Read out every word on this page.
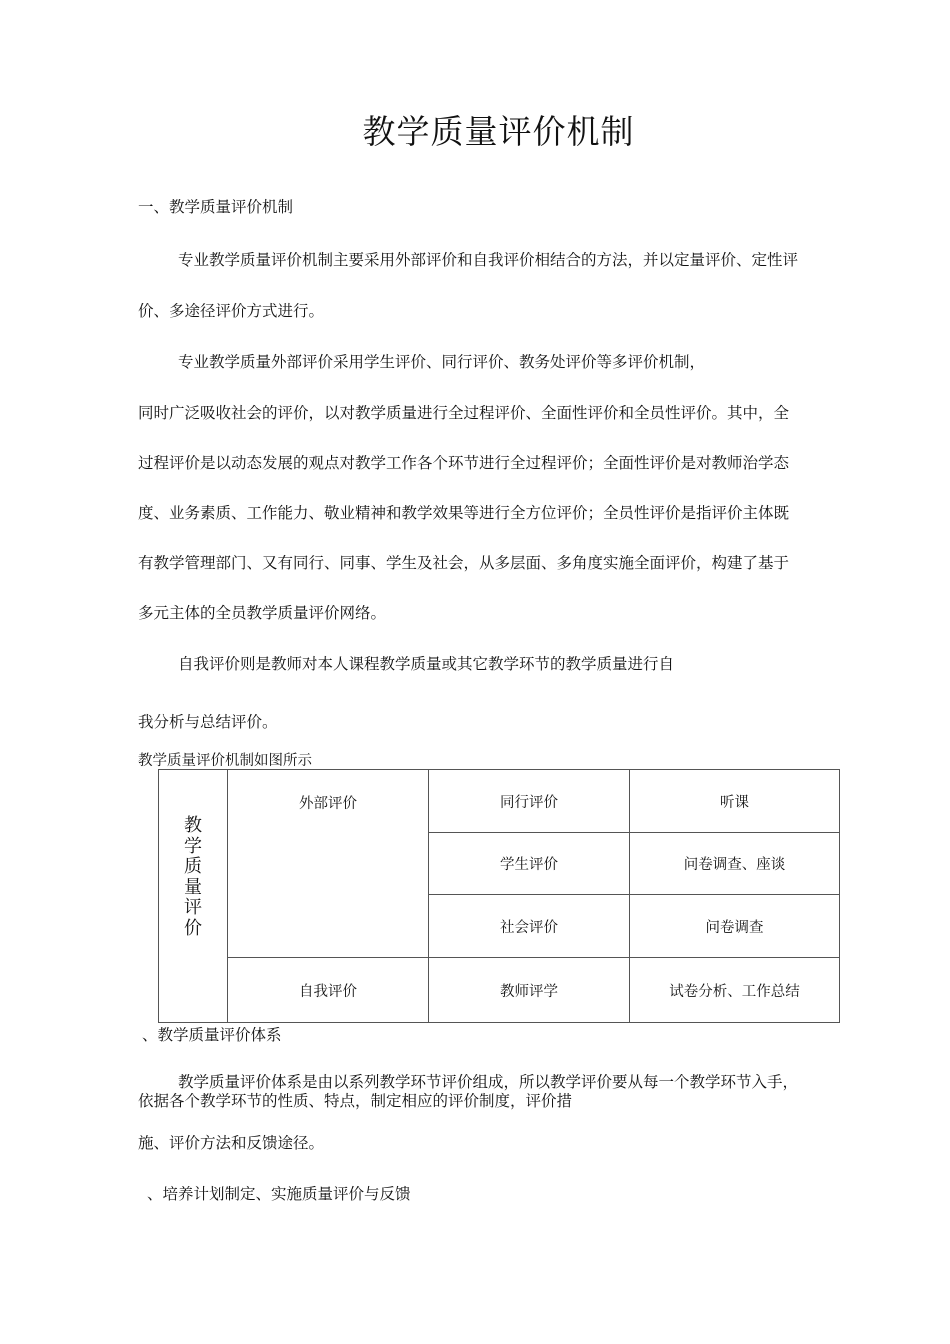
教学质量评价机制
一、教学质量评价机制
专业教学质量评价机制主要采用外部评价和自我评价相结合的方法，并以定量评价、定性评
价、多途径评价方式进行。
专业教学质量外部评价采用学生评价、同行评价、教务处评价等多评价机制，
同时广泛吸收社会的评价，以对教学质量进行全过程评价、全面性评价和全员性评价。其中，全
过程评价是以动态发展的观点对教学工作各个环节进行全过程评价；全面性评价是对教师治学态
度、业务素质、工作能力、敬业精神和教学效果等进行全方位评价；全员性评价是指评价主体既
有教学管理部门、又有同行、同事、学生及社会，从多层面、多角度实施全面评价，构建了基于
多元主体的全员教学质量评价网络。
自我评价则是教师对本人课程教学质量或其它教学环节的教学质量进行自
我分析与总结评价。
教学质量评价机制如图所示
教学质量评价	外部评价	同行评价	听课
		学生评价	问卷调查、座谈
		社会评价	问卷调查
	自我评价	教师评学	试卷分析、工作总结
、教学质量评价体系
教学质量评价体系是由以系列教学环节评价组成，所以教学评价要从每一个教学环节入手，
依据各个教学环节的性质、特点，制定相应的评价制度，评价措
施、评价方法和反馈途径。
、培养计划制定、实施质量评价与反馈
